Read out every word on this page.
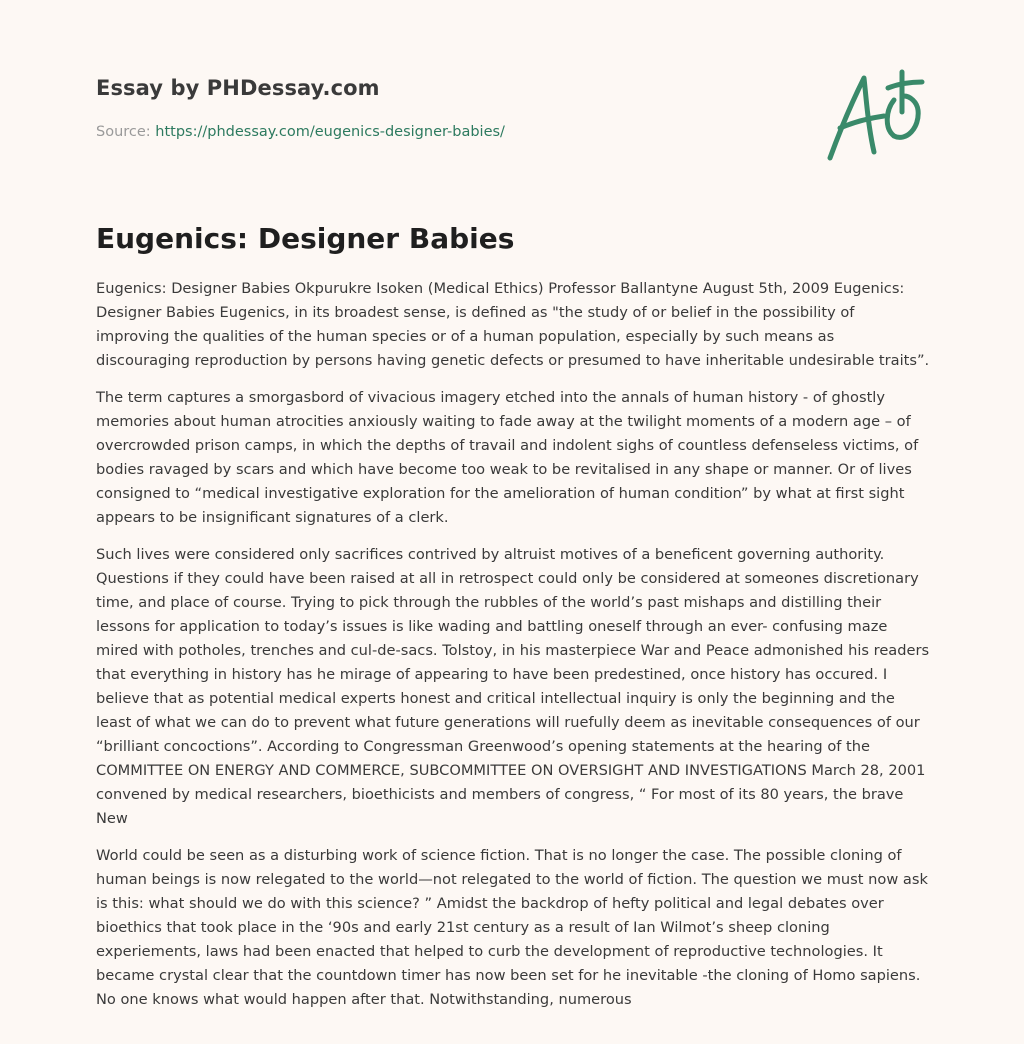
Essay by PHDessay.com
Source: https://phdessay.com/eugenics-designer-babies/
Eugenics: Designer Babies

Eugenics: Designer Babies Okpurukre Isoken (Medical Ethics) Professor Ballantyne August 5th, 2009 Eugenics: Designer Babies Eugenics, in its broadest sense, is defined as "the study of or belief in the possibility of improving the qualities of the human species or of a human population, especially by such means as discouraging reproduction by persons having genetic defects or presumed to have inheritable undesirable traits”.

The term captures a smorgasbord of vivacious imagery etched into the annals of human history - of ghostly memories about human atrocities anxiously waiting to fade away at the twilight moments of a modern age – of overcrowded prison camps, in which the depths of travail and indolent sighs of countless defenseless victims, of bodies ravaged by scars and which have become too weak to be revitalised in any shape or manner. Or of lives consigned to “medical investigative exploration for the amelioration of human condition” by what at first sight appears to be insignificant signatures of a clerk.

Such lives were considered only sacrifices contrived by altruist motives of a beneficent governing authority. Questions if they could have been raised at all in retrospect could only be considered at someones discretionary time, and place of course. Trying to pick through the rubbles of the world’s past mishaps and distilling their lessons for application to today’s issues is like wading and battling oneself through an ever- confusing maze mired with potholes, trenches and cul-de-sacs. Tolstoy, in his masterpiece War and Peace admonished his readers that everything in history has he mirage of appearing to have been predestined, once history has occured. I believe that as potential medical experts honest and critical intellectual inquiry is only the beginning and the least of what we can do to prevent what future generations will ruefully deem as inevitable consequences of our “brilliant concoctions”. According to Congressman Greenwood’s opening statements at the hearing of the COMMITTEE ON ENERGY AND COMMERCE, SUBCOMMITTEE ON OVERSIGHT AND INVESTIGATIONS March 28, 2001 convened by medical researchers, bioethicists and members of congress, “ For most of its 80 years, the brave New

World could be seen as a disturbing work of science fiction. That is no longer the case. The possible cloning of human beings is now relegated to the world—not relegated to the world of fiction. The question we must now ask is this: what should we do with this science? ” Amidst the backdrop of hefty political and legal debates over bioethics that took place in the ‘90s and early 21st century as a result of Ian Wilmot’s sheep cloning experiements, laws had been enacted that helped to curb the development of reproductive technologies. It became crystal clear that the countdown timer has now been set for he inevitable -the cloning of Homo sapiens. No one knows what would happen after that. Notwithstanding, numerous
